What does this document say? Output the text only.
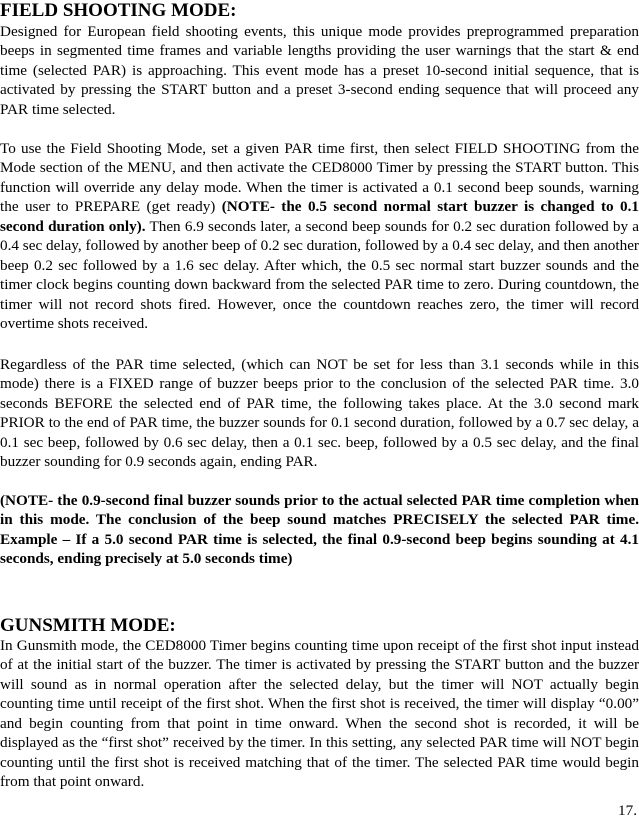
FIELD SHOOTING MODE:

Designed for European field shooting events, this unique mode provides preprogrammed preparation beeps in segmented time frames and variable lengths providing the user warnings that the start & end time (selected PAR) is approaching. This event mode has a preset 10-second initial sequence, that is activated by pressing the START button and a preset 3-second ending sequence that will proceed any PAR time selected.

To use the Field Shooting Mode, set a given PAR time first, then select FIELD SHOOTING from the Mode section of the MENU, and then activate the CED8000 Timer by pressing the START button. This function will override any delay mode. When the timer is activated a 0.1 second beep sounds, warning the user to PREPARE (get ready) (NOTE- the 0.5 second normal start buzzer is changed to 0.1 second duration only). Then 6.9 seconds later, a second beep sounds for 0.2 sec duration followed by a 0.4 sec delay, followed by another beep of 0.2 sec duration, followed by a 0.4 sec delay, and then another beep 0.2 sec followed by a 1.6 sec delay. After which, the 0.5 sec normal start buzzer sounds and the timer clock begins counting down backward from the selected PAR time to zero. During countdown, the timer will not record shots fired. However, once the countdown reaches zero, the timer will record overtime shots received.

Regardless of the PAR time selected, (which can NOT be set for less than 3.1 seconds while in this mode) there is a FIXED range of buzzer beeps prior to the conclusion of the selected PAR time. 3.0 seconds BEFORE the selected end of PAR time, the following takes place. At the 3.0 second mark PRIOR to the end of PAR time, the buzzer sounds for 0.1 second duration, followed by a 0.7 sec delay, a 0.1 sec beep, followed by 0.6 sec delay, then a 0.1 sec. beep, followed by a 0.5 sec delay, and the final buzzer sounding for 0.9 seconds again, ending PAR.

(NOTE- the 0.9-second final buzzer sounds prior to the actual selected PAR time completion when in this mode. The conclusion of the beep sound matches PRECISELY the selected PAR time. Example – If a 5.0 second PAR time is selected, the final 0.9-second beep begins sounding at 4.1 seconds, ending precisely at 5.0 seconds time)

GUNSMITH MODE:

In Gunsmith mode, the CED8000 Timer begins counting time upon receipt of the first shot input instead of at the initial start of the buzzer. The timer is activated by pressing the START button and the buzzer will sound as in normal operation after the selected delay, but the timer will NOT actually begin counting time until receipt of the first shot. When the first shot is received, the timer will display “0.00” and begin counting from that point in time onward. When the second shot is recorded, it will be displayed as the “first shot” received by the timer. In this setting, any selected PAR time will NOT begin counting until the first shot is received matching that of the timer. The selected PAR time would begin from that point onward.

17.
